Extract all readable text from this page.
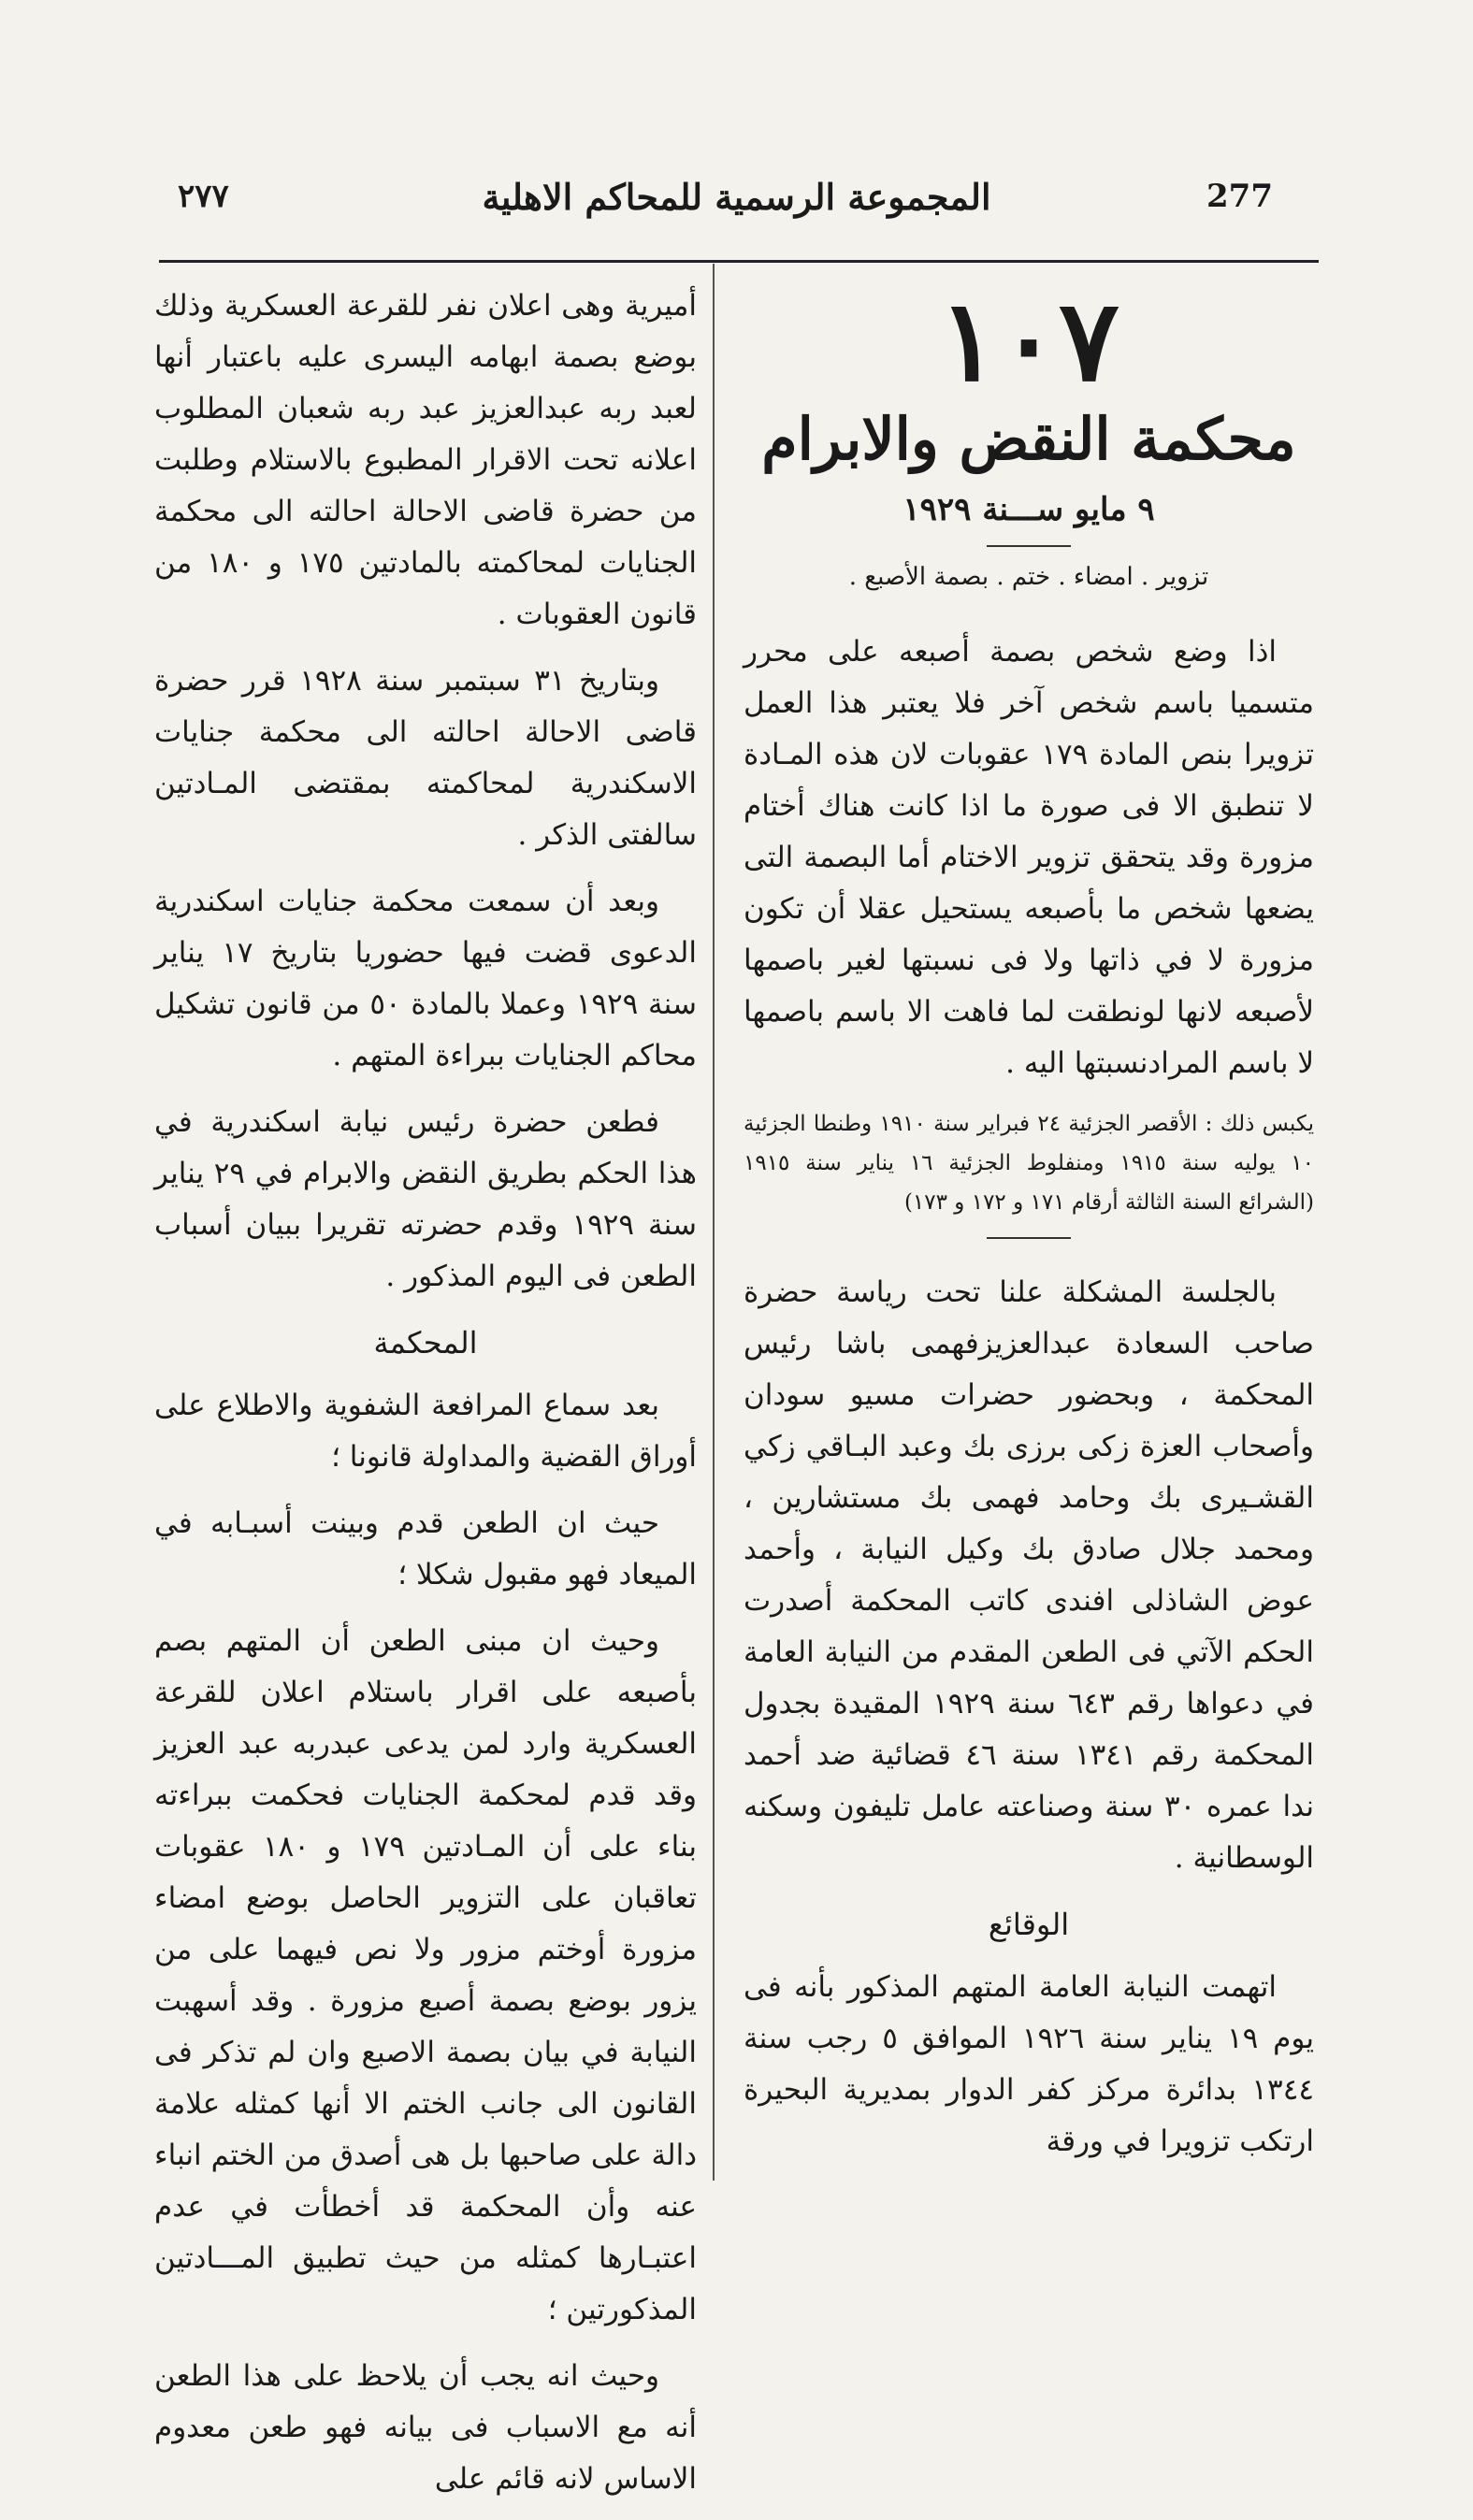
٢٧٧	المجموعة الرسمية للمحاكم الاهلية	277
١٠٧
محكمة النقض والابرام
٩ مايو ســـنة ١٩٢٩
تزوير . امضاء . ختم . بصمة الأصبع .

اذا وضع شخص بصمة أصبعه على محرر متسميا باسم شخص آخر فلا يعتبر هذا العمل تزويرا بنص المادة ١٧٩ عقوبات لان هذه المـادة لا تنطبق الا فى صورة ما اذا كانت هناك أختام مزورة وقد يتحقق تزوير الاختام أما البصمة التى يضعها شخص ما بأصبعه يستحيل عقلا أن تكون مزورة لا في ذاتها ولا فى نسبتها لغير باصمها لأصبعه لانها لونطقت لما فاهت الا باسم باصمها لا باسم المرادنسبتها اليه .

يكبس ذلك : الأقصر الجزئية ٢٤ فبراير سنة ١٩١٠ وطنطا الجزئية ١٠ يوليه سنة ١٩١٥ ومنفلوط الجزئية ١٦ يناير سنة ١٩١٥ (الشرائع السنة الثالثة أرقام ١٧١ و ١٧٢ و ١٧٣)

بالجلسة المشكلة علنا تحت رياسة حضرة صاحب السعادة عبدالعزيزفهمى باشا رئيس المحكمة ، وبحضور حضرات مسيو سودان وأصحاب العزة زكى برزى بك وعبد البـاقي زكي القشـيرى بك وحامد فهمى بك مستشارين ، ومحمد جلال صادق بك وكيل النيابة ، وأحمد عوض الشاذلى افندى كاتب المحكمة أصدرت الحكم الآتي فى الطعن المقدم من النيابة العامة في دعواها رقم ٦٤٣ سنة ١٩٢٩ المقيدة بجدول المحكمة رقم ١٣٤١ سنة ٤٦ قضائية ضد أحمد ندا عمره ٣٠ سنة وصناعته عامل تليفون وسكنه الوسطانية .

الوقائع

اتهمت النيابة العامة المتهم المذكور بأنه فى يوم ١٩ يناير سنة ١٩٢٦ الموافق ٥ رجب سنة ١٣٤٤ بدائرة مركز كفر الدوار بمديرية البحيرة ارتكب تزويرا في ورقة

أميرية وهى اعلان نفر للقرعة العسكرية وذلك بوضع بصمة ابهامه اليسرى عليه باعتبار أنها لعبد ربه عبدالعزيز عبد ربه شعبان المطلوب اعلانه تحت الاقرار المطبوع بالاستلام وطلبت من حضرة قاضى الاحالة احالته الى محكمة الجنايات لمحاكمته بالمادتين ١٧٥ و ١٨٠ من قانون العقوبات .

وبتاريخ ٣١ سبتمبر سنة ١٩٢٨ قرر حضرة قاضى الاحالة احالته الى محكمة جنايات الاسكندرية لمحاكمته بمقتضى المـادتين سالفتى الذكر .

وبعد أن سمعت محكمة جنايات اسكندرية الدعوى قضت فيها حضوريا بتاريخ ١٧ يناير سنة ١٩٢٩ وعملا بالمادة ٥٠ من قانون تشكيل محاكم الجنايات ببراءة المتهم .

فطعن حضرة رئيس نيابة اسكندرية في هذا الحكم بطريق النقض والابرام في ٢٩ يناير سنة ١٩٢٩ وقدم حضرته تقريرا ببيان أسباب الطعن فى اليوم المذكور .

المحكمة

بعد سماع المرافعة الشفوية والاطلاع على أوراق القضية والمداولة قانونا ؛

حيث ان الطعن قدم وبينت أسبـابه في الميعاد فهو مقبول شكلا ؛

وحيث ان مبنى الطعن أن المتهم بصم بأصبعه على اقرار باستلام اعلان للقرعة العسكرية وارد لمن يدعى عبدربه عبد العزيز وقد قدم لمحكمة الجنايات فحكمت ببراءته بناء على أن المـادتين ١٧٩ و ١٨٠ عقوبات تعاقبان على التزوير الحاصل بوضع امضاء مزورة أوختم مزور ولا نص فيهما على من يزور بوضع بصمة أصبع مزورة . وقد أسهبت النيابة في بيان بصمة الاصبع وان لم تذكر فى القانون الى جانب الختم الا أنها كمثله علامة دالة على صاحبها بل هى أصدق من الختم انباء عنه وأن المحكمة قد أخطأت في عدم اعتبـارها كمثله من حيث تطبيق المـــادتين المذكورتين ؛

وحيث انه يجب أن يلاحظ على هذا الطعن أنه مع الاسباب فى بيانه فهو طعن معدوم الاساس لانه قائم على
